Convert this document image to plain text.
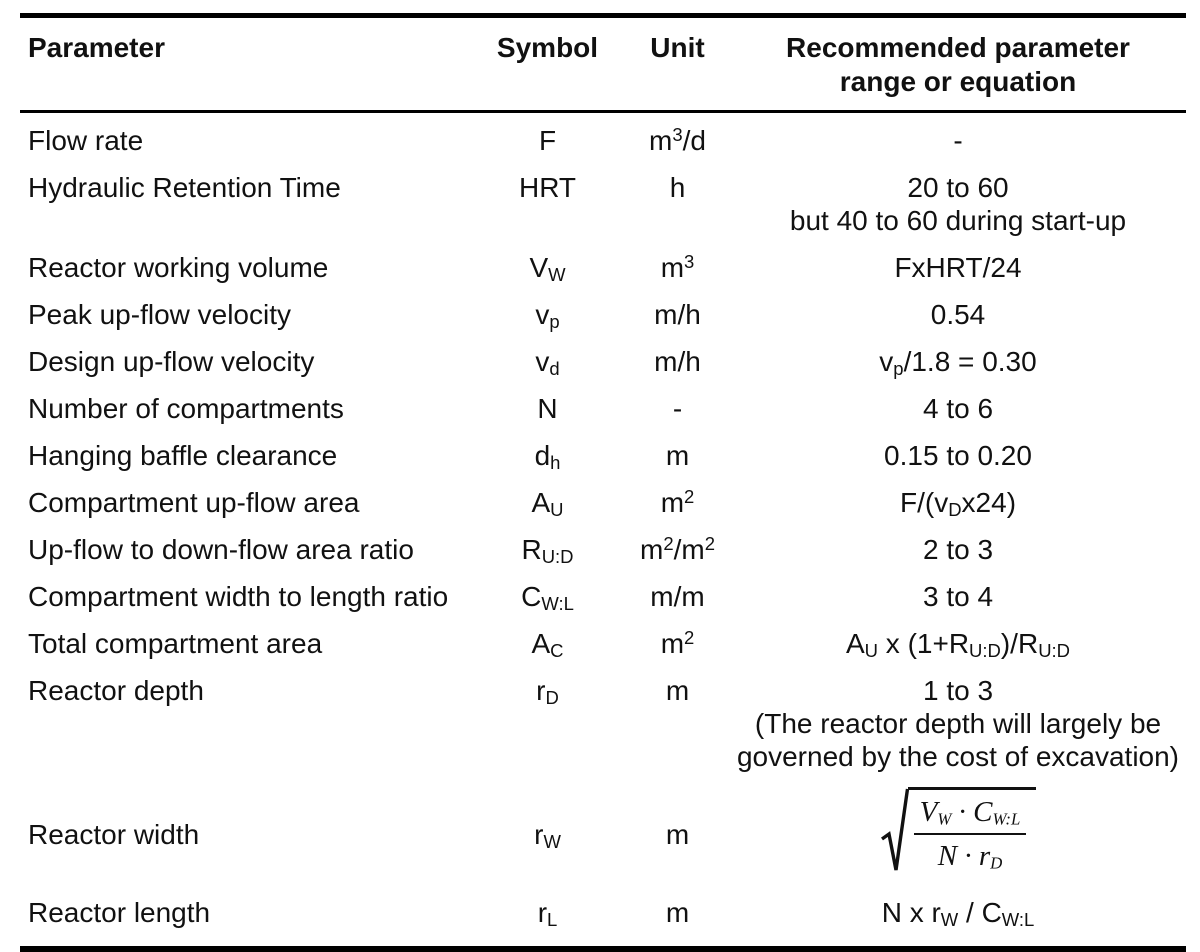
Parameter	Symbol	Unit	Recommended parameter range or equation
Flow rate	F	$m^3/d$	-
Hydraulic Retention Time	HRT	h	20 to 60
but 40 to 60 during start-up
Reactor working volume	$V_W$	$m^3$	FxHRT/24
Peak up-flow velocity	$v_p$	m/h	0.54
Design up-flow velocity	$v_d$	m/h	$v_p/1.8 = 0.30$
Number of compartments	N	-	4 to 6
Hanging baffle clearance	$d_h$	m	0.15 to 0.20
Compartment up-flow area	$A_U$	$m^2$	$F/(v_Dx24)$
Up-flow to down-flow area ratio	$R_{U:D}$	$m^2/m^2$	2 to 3
Compartment width to length ratio	$C_{W:L}$	m/m	3 to 4
Total compartment area	$A_C$	$m^2$	$A_U$ x $(1+R_{U:D})/R_{U:D}$
Reactor depth	$r_D$	m	1 to 3
(The reactor depth will largely be
governed by the cost of excavation)
Reactor width	$r_W$	m	$\frac{V_W \cdot C_{W:L}}{N \cdot r_D}$
Reactor length	$r_L$	m	N x $r_W / C_{W:L}$
